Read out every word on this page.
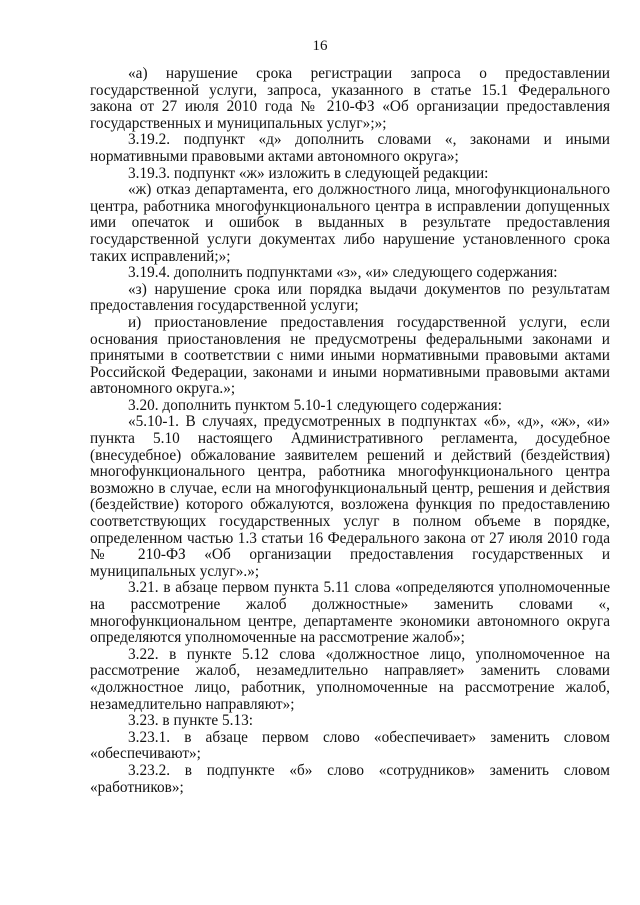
16

«а) нарушение срока регистрации запроса о предоставлении государственной услуги, запроса, указанного в статье 15.1 Федерального закона от 27 июля 2010 года № 210-ФЗ «Об организации предоставления государственных и муниципальных услуг»;»;

3.19.2. подпункт «д» дополнить словами «, законами и иными нормативными правовыми актами автономного округа»;

3.19.3. подпункт «ж» изложить в следующей редакции:

«ж) отказ департамента, его должностного лица, многофункционального центра, работника многофункционального центра в исправлении допущенных ими опечаток и ошибок в выданных в результате предоставления государственной услуги документах либо нарушение установленного срока таких исправлений;»;

3.19.4. дополнить подпунктами «з», «и» следующего содержания:

«з) нарушение срока или порядка выдачи документов по результатам предоставления государственной услуги;

и) приостановление предоставления государственной услуги, если основания приостановления не предусмотрены федеральными законами и принятыми в соответствии с ними иными нормативными правовыми актами Российской Федерации, законами и иными нормативными правовыми актами автономного округа.»;

3.20. дополнить пунктом 5.10-1 следующего содержания:

«5.10-1. В случаях, предусмотренных в подпунктах «б», «д», «ж», «и» пункта 5.10 настоящего Административного регламента, досудебное (внесудебное) обжалование заявителем решений и действий (бездействия) многофункционального центра, работника многофункционального центра возможно в случае, если на многофункциональный центр, решения и действия (бездействие) которого обжалуются, возложена функция по предоставлению соответствующих государственных услуг в полном объеме в порядке, определенном частью 1.3 статьи 16 Федерального закона от 27 июля 2010 года № 210-ФЗ «Об организации предоставления государственных и муниципальных услуг».»;

3.21. в абзаце первом пункта 5.11 слова «определяются уполномоченные на рассмотрение жалоб должностные» заменить словами «, многофункциональном центре, департаменте экономики автономного округа определяются уполномоченные на рассмотрение жалоб»;

3.22. в пункте 5.12 слова «должностное лицо, уполномоченное на рассмотрение жалоб, незамедлительно направляет» заменить словами «должностное лицо, работник, уполномоченные на рассмотрение жалоб, незамедлительно направляют»;

3.23. в пункте 5.13:

3.23.1. в абзаце первом слово «обеспечивает» заменить словом «обеспечивают»;

3.23.2. в подпункте «б» слово «сотрудников» заменить словом «работников»;
